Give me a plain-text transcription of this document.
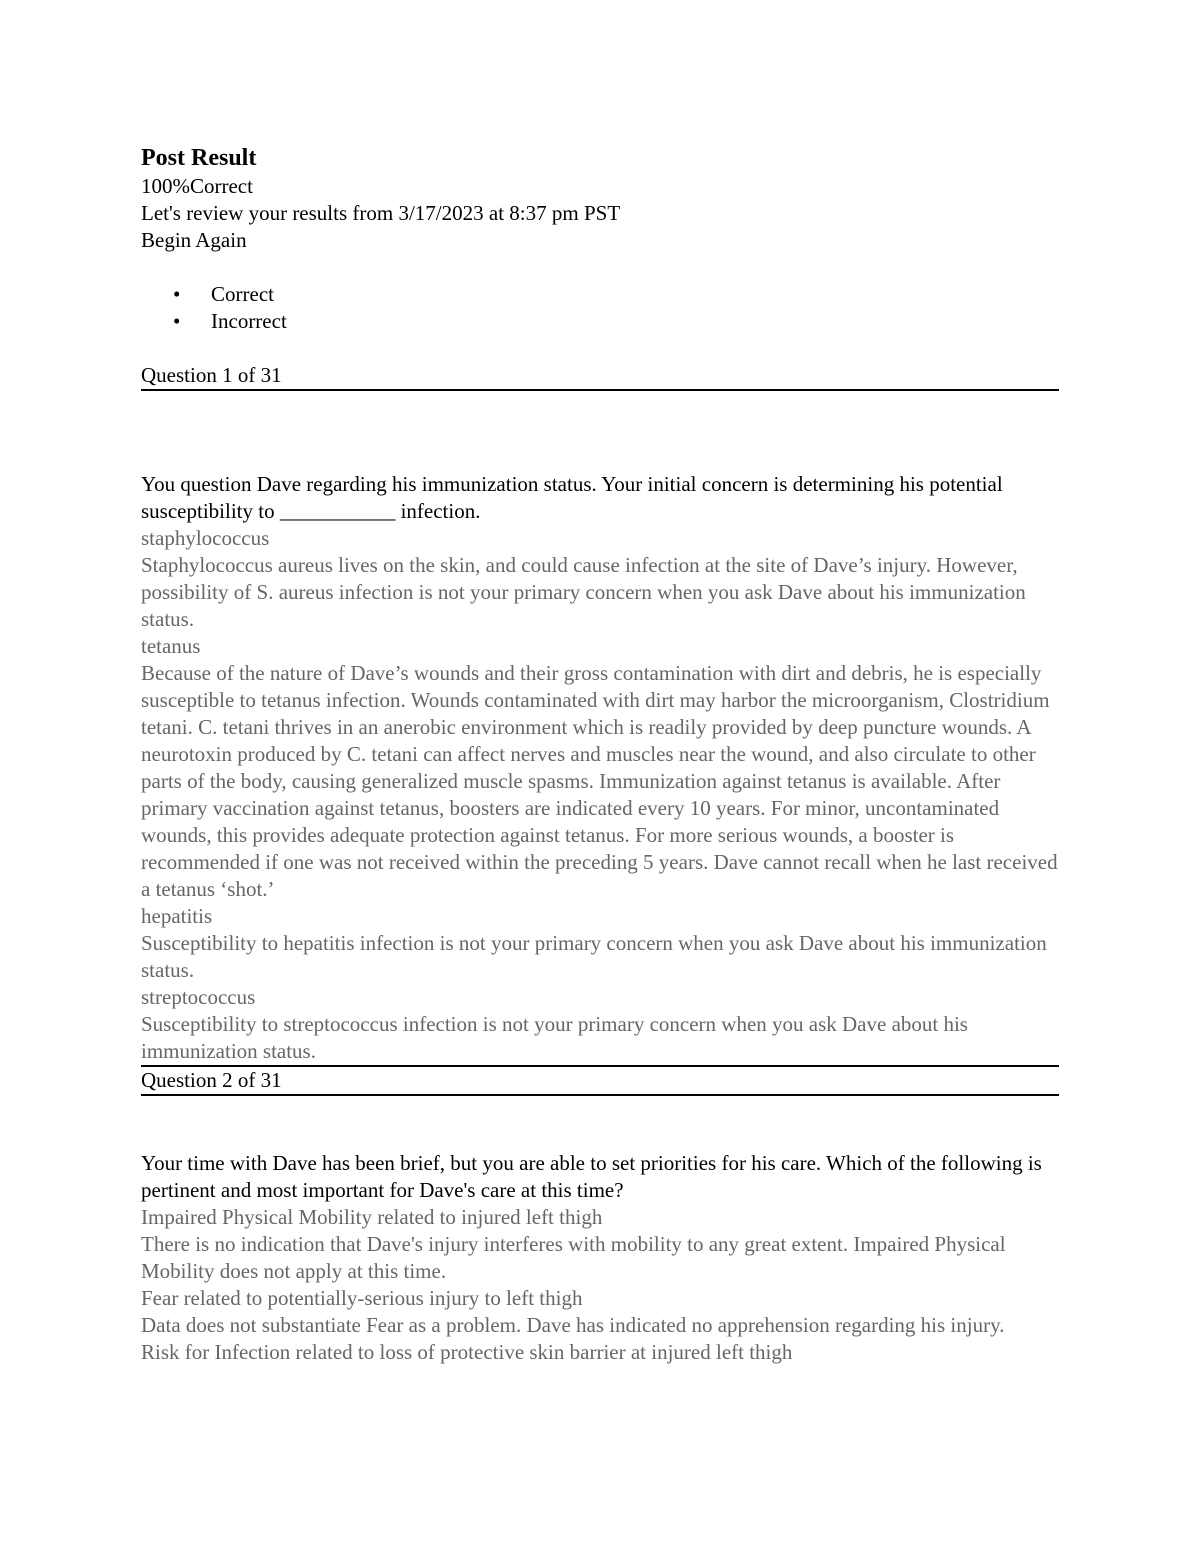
Post Result

100%Correct

Let's review your results from 3/17/2023 at 8:37 pm PST

Begin Again

• Correct
• Incorrect

Question 1 of 31

You question Dave regarding his immunization status. Your initial concern is determining his potential susceptibility to ___________ infection.

staphylococcus

Staphylococcus aureus lives on the skin, and could cause infection at the site of Dave’s injury. However, possibility of S. aureus infection is not your primary concern when you ask Dave about his immunization status.

tetanus

Because of the nature of Dave’s wounds and their gross contamination with dirt and debris, he is especially susceptible to tetanus infection. Wounds contaminated with dirt may harbor the microorganism, Clostridium tetani. C. tetani thrives in an anerobic environment which is readily provided by deep puncture wounds. A neurotoxin produced by C. tetani can affect nerves and muscles near the wound, and also circulate to other parts of the body, causing generalized muscle spasms. Immunization against tetanus is available. After primary vaccination against tetanus, boosters are indicated every 10 years. For minor, uncontaminated wounds, this provides adequate protection against tetanus. For more serious wounds, a booster is recommended if one was not received within the preceding 5 years. Dave cannot recall when he last received a tetanus ‘shot.’

hepatitis

Susceptibility to hepatitis infection is not your primary concern when you ask Dave about his immunization status.

streptococcus

Susceptibility to streptococcus infection is not your primary concern when you ask Dave about his immunization status.

Question 2 of 31

Your time with Dave has been brief, but you are able to set priorities for his care. Which of the following is pertinent and most important for Dave's care at this time?

Impaired Physical Mobility related to injured left thigh

There is no indication that Dave's injury interferes with mobility to any great extent. Impaired Physical Mobility does not apply at this time.

Fear related to potentially-serious injury to left thigh

Data does not substantiate Fear as a problem. Dave has indicated no apprehension regarding his injury.

Risk for Infection related to loss of protective skin barrier at injured left thigh
